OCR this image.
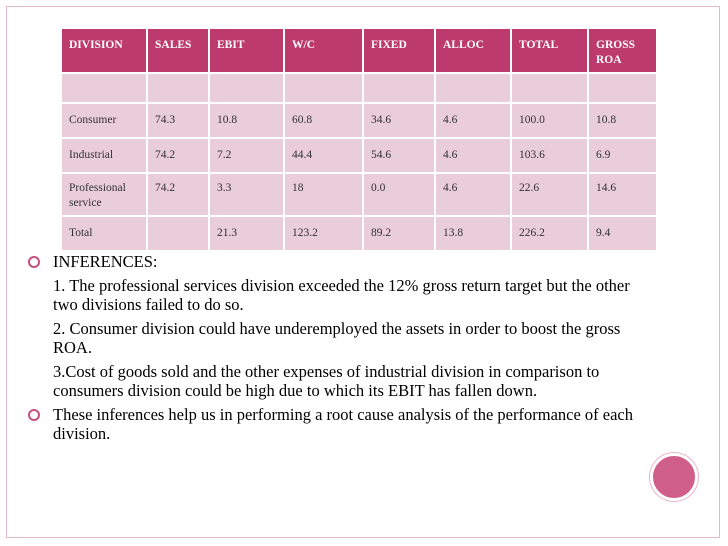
DIVISION	SALES	EBIT	W/C	FIXED	ALLOC	TOTAL	GROSS ROA

Consumer	74.3	10.8	60.8	34.6	4.6	100.0	10.8
Industrial	74.2	7.2	44.4	54.6	4.6	103.6	6.9
Professional service	74.2	3.3	18	0.0	4.6	22.6	14.6
Total		21.3	123.2	89.2	13.8	226.2	9.4

INFERENCES:

1. The professional services division exceeded the 12% gross return target but the other two divisions failed to do so.

2. Consumer division could have underemployed the assets in order to boost the gross ROA.

3.Cost of goods sold and the other expenses of industrial division in comparison to consumers division could be high due to which its EBIT has fallen down.

These inferences help us in performing a root cause analysis of the performance of each division.
